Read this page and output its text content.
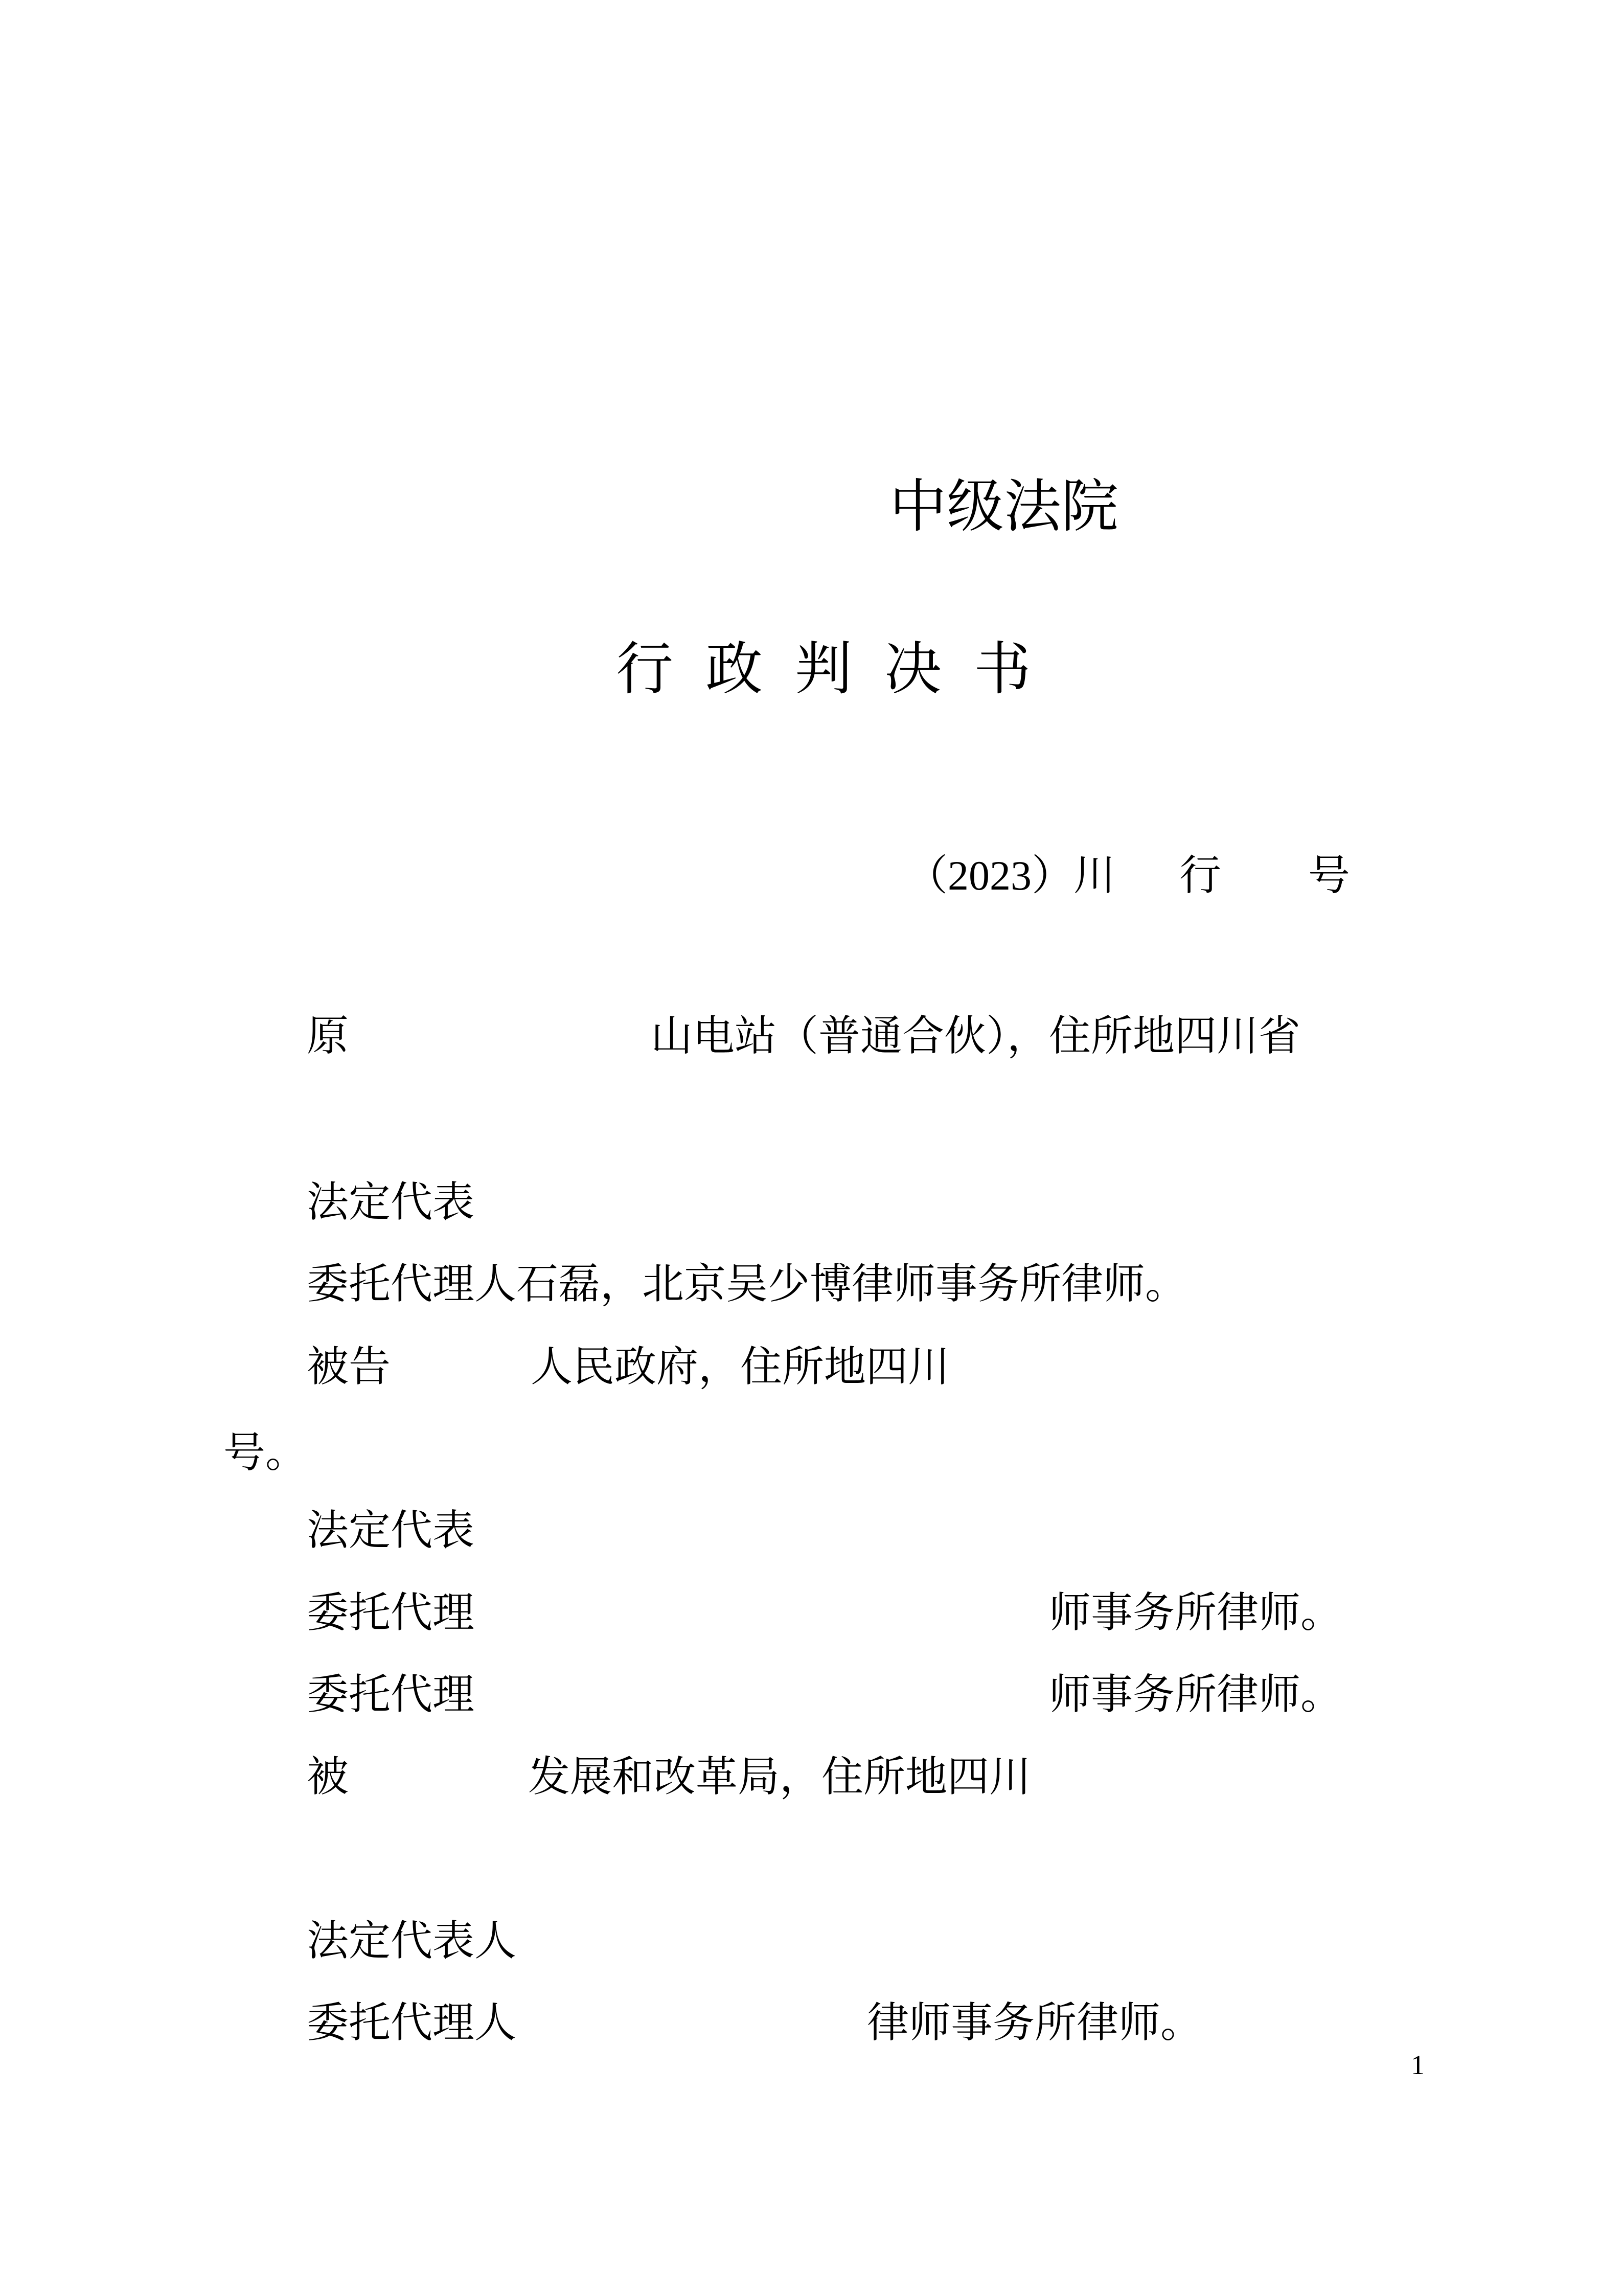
中级法院
行政判决书
（2023）川 行 号
原	山电站（普通合伙），住所地四川省
法定代表
委托代理人石磊，北京吴少博律师事务所律师。
被告	人民政府，住所地四川
号。
法定代表
委托代理	师事务所律师。
委托代理	师事务所律师。
被	发展和改革局，住所地四川
法定代表人
委托代理人	律师事务所律师。
1
